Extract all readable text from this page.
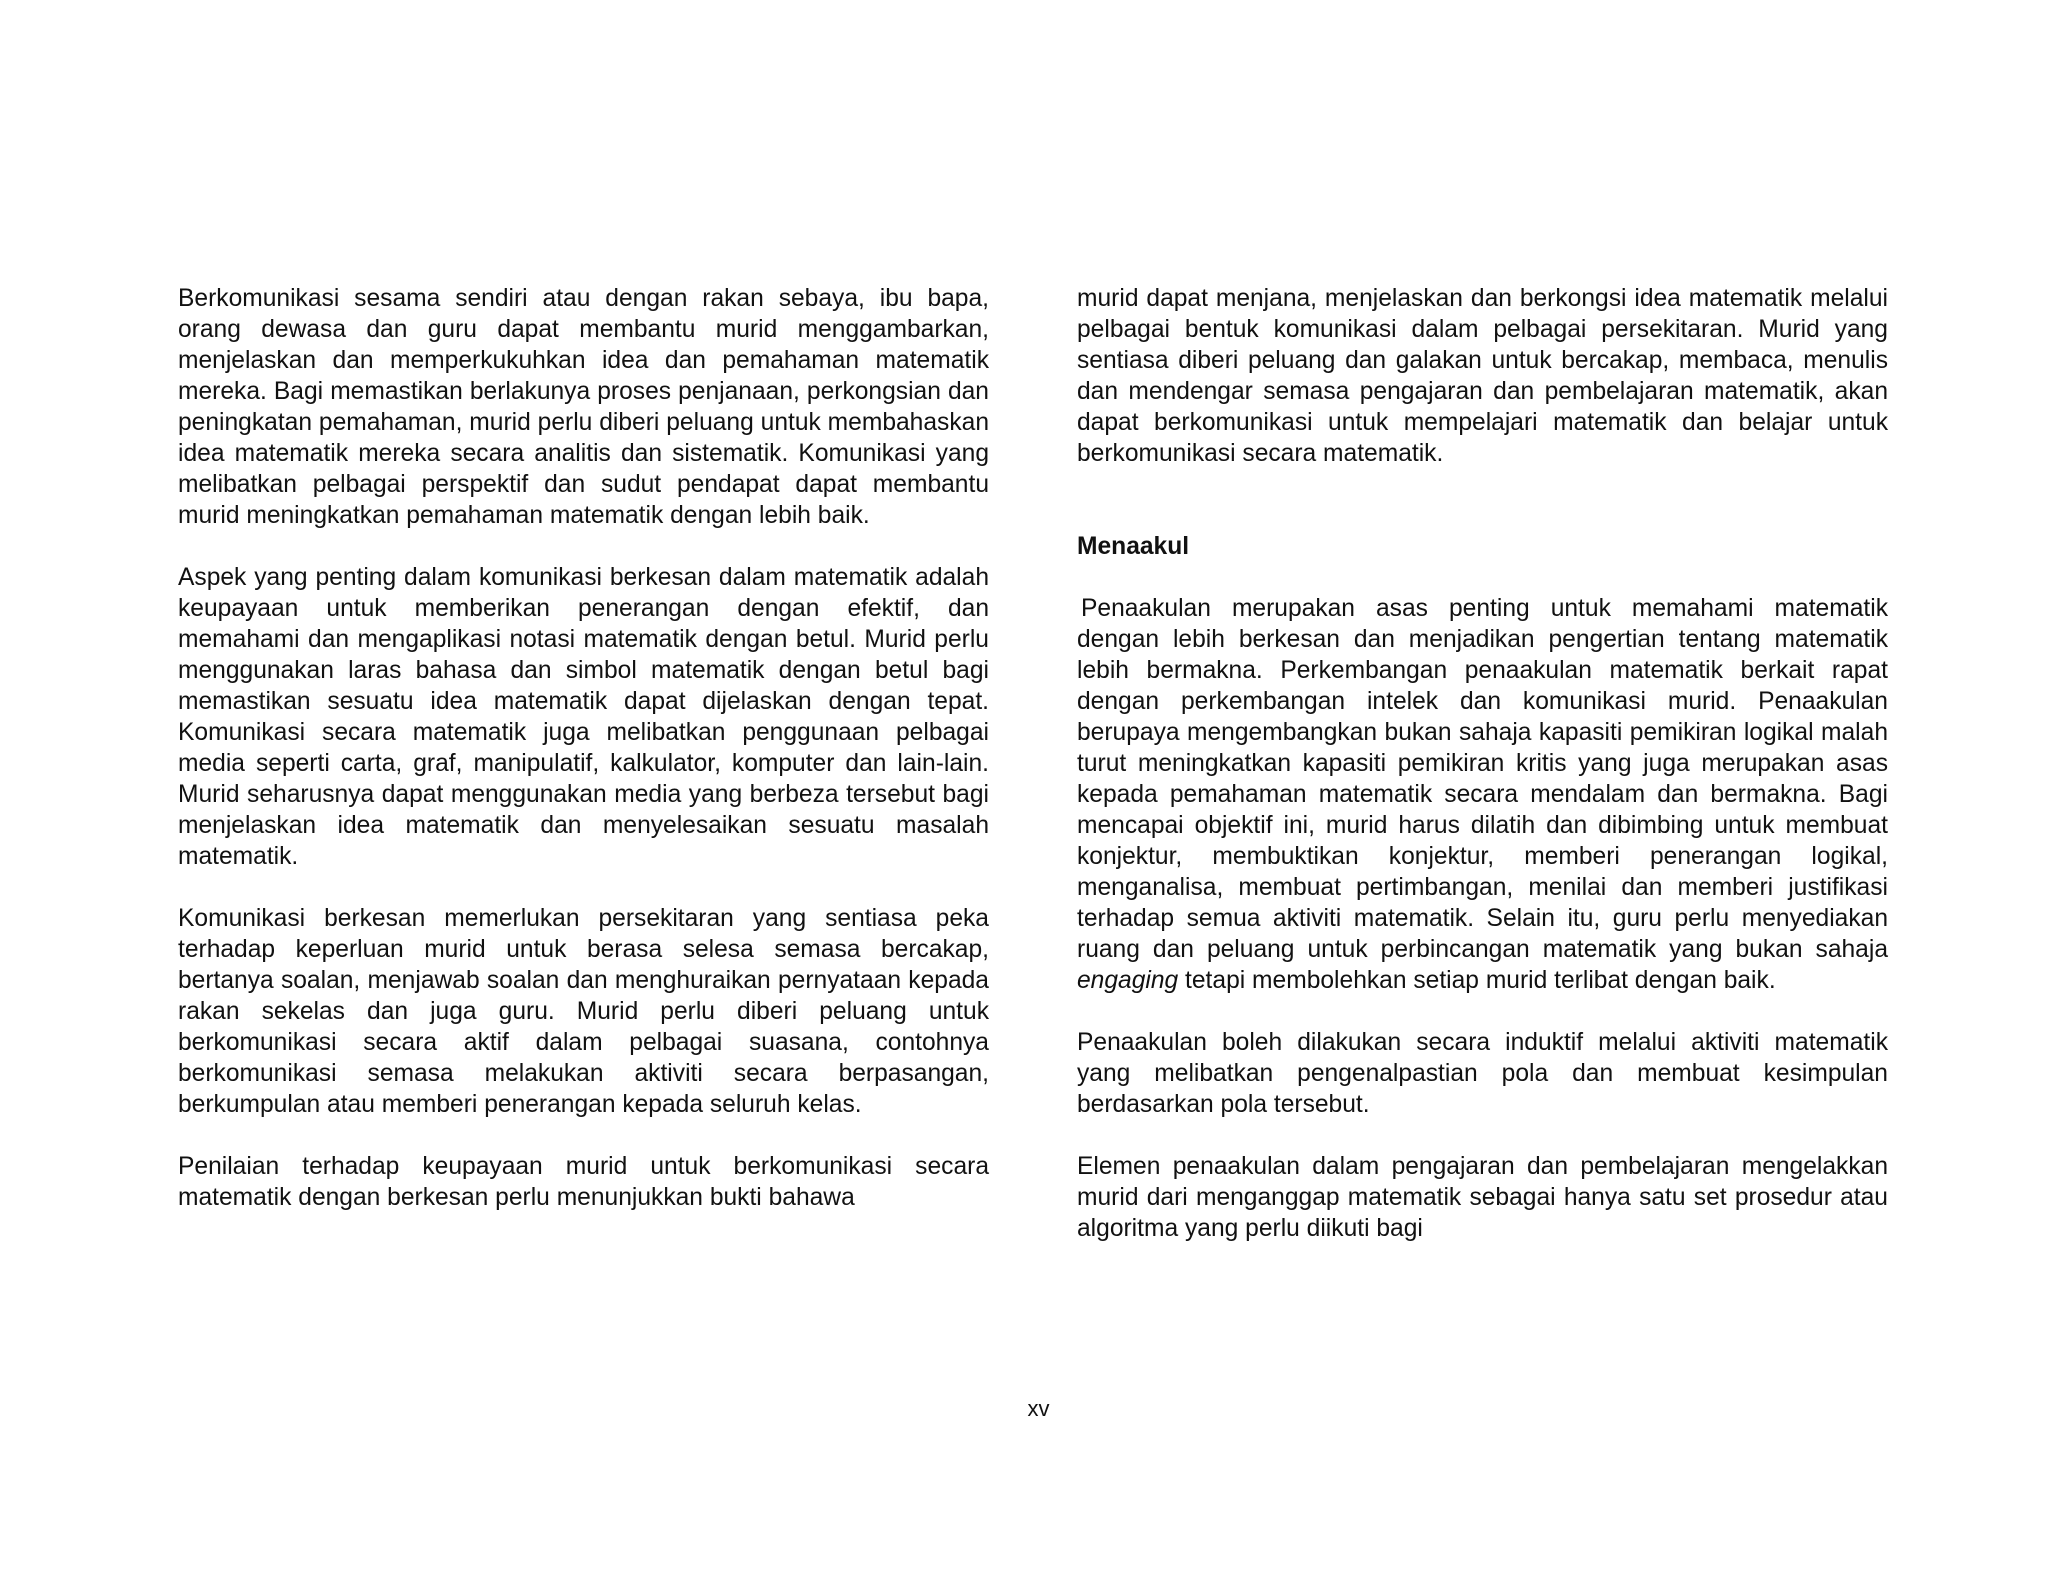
Berkomunikasi sesama sendiri atau dengan rakan sebaya, ibu bapa, orang dewasa dan guru dapat membantu murid menggambarkan, menjelaskan dan memperkukuhkan idea dan pemahaman matematik mereka. Bagi memastikan berlakunya proses penjanaan, perkongsian dan peningkatan pemahaman, murid perlu diberi peluang untuk membahaskan idea matematik mereka secara analitis dan sistematik. Komunikasi yang melibatkan pelbagai perspektif dan sudut pendapat dapat membantu murid meningkatkan pemahaman matematik dengan lebih baik.

Aspek yang penting dalam komunikasi berkesan dalam matematik adalah keupayaan untuk memberikan penerangan dengan efektif, dan memahami dan mengaplikasi notasi matematik dengan betul. Murid perlu menggunakan laras bahasa dan simbol matematik dengan betul bagi memastikan sesuatu idea matematik dapat dijelaskan dengan tepat. Komunikasi secara matematik juga melibatkan penggunaan pelbagai media seperti carta, graf, manipulatif, kalkulator, komputer dan lain-lain. Murid seharusnya dapat menggunakan media yang berbeza tersebut bagi menjelaskan idea matematik dan menyelesaikan sesuatu masalah matematik.

Komunikasi berkesan memerlukan persekitaran yang sentiasa peka terhadap keperluan murid untuk berasa selesa semasa bercakap, bertanya soalan, menjawab soalan dan menghuraikan pernyataan kepada rakan sekelas dan juga guru. Murid perlu diberi peluang untuk berkomunikasi secara aktif dalam pelbagai suasana, contohnya berkomunikasi semasa melakukan aktiviti secara berpasangan, berkumpulan atau memberi penerangan kepada seluruh kelas.

Penilaian terhadap keupayaan murid untuk berkomunikasi secara matematik dengan berkesan perlu menunjukkan bukti bahawa

murid dapat menjana, menjelaskan dan berkongsi idea matematik melalui pelbagai bentuk komunikasi dalam pelbagai persekitaran. Murid yang sentiasa diberi peluang dan galakan untuk bercakap, membaca, menulis dan mendengar semasa pengajaran dan pembelajaran matematik, akan dapat berkomunikasi untuk mempelajari matematik dan belajar untuk berkomunikasi secara matematik.

Menaakul

Penaakulan merupakan asas penting untuk memahami matematik dengan lebih berkesan dan menjadikan pengertian tentang matematik lebih bermakna. Perkembangan penaakulan matematik berkait rapat dengan perkembangan intelek dan komunikasi murid. Penaakulan berupaya mengembangkan bukan sahaja kapasiti pemikiran logikal malah turut meningkatkan kapasiti pemikiran kritis yang juga merupakan asas kepada pemahaman matematik secara mendalam dan bermakna. Bagi mencapai objektif ini, murid harus dilatih dan dibimbing untuk membuat konjektur, membuktikan konjektur, memberi penerangan logikal, menganalisa, membuat pertimbangan, menilai dan memberi justifikasi terhadap semua aktiviti matematik. Selain itu, guru perlu menyediakan ruang dan peluang untuk perbincangan matematik yang bukan sahaja engaging tetapi membolehkan setiap murid terlibat dengan baik.

Penaakulan boleh dilakukan secara induktif melalui aktiviti matematik yang melibatkan pengenalpastian pola dan membuat kesimpulan berdasarkan pola tersebut.

Elemen penaakulan dalam pengajaran dan pembelajaran mengelakkan murid dari menganggap matematik sebagai hanya satu set prosedur atau algoritma yang perlu diikuti bagi

xv
